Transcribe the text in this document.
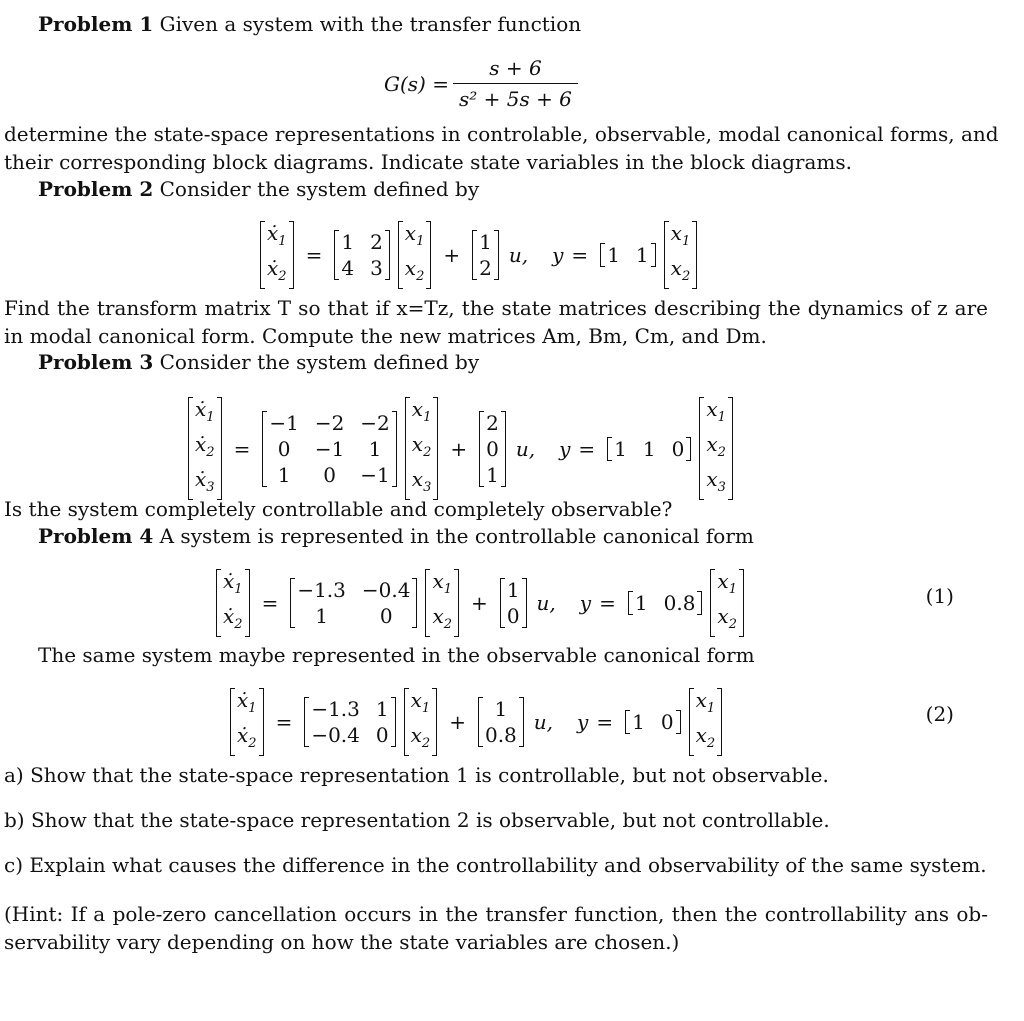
Problem 1 Given a system with the transfer function
$G(s) = \frac{s + 6}{\text{s² + 5s + 6}}$
determine the state-space representations in controlable, observable, modal canonical forms, and
their corresponding block diagrams. Indicate state variables in the block diagrams.
Problem 2 Consider the system defined by
ẋ$_1$
ẋ$_2$
=
1 2
4 3
$x_1$
$x_2$
+
1
2
u, y = 1 1
$x_1$
$x_2$
Find the transform matrix T so that if x=Tz, the state matrices describing the dynamics of z are
in modal canonical form. Compute the new matrices Am, Bm, Cm, and Dm.
Problem 3 Consider the system defined by
ẋ$_1$
ẋ$_2$
ẋ$_3$
=
−1 −2 −2
0	−1	1
1	0	−1
$x_1$
$x_2$
$x_3$
+
2
0
1
u, y = 1 1 0
$x_1$
$x_2$
$x_3$
Is the system completely controllable and completely observable?
Problem 4 A system is represented in the controllable canonical form
ẋ$_1$
ẋ$_2$
=
−1.3 −0.4
1	0
$x_1$
$x_2$
+
1
0
u, y = 1 0.8
$x_1$
$x_2$
(1)
The same system maybe represented in the observable canonical form
ẋ$_1$
ẋ$_2$
=
−1.3 1
−0.4 0
$x_1$
$x_2$
+
1
0.8
u, y = 1 0
$x_1$
$x_2$
(2)
a) Show that the state-space representation 1 is controllable, but not observable.
b) Show that the state-space representation 2 is observable, but not controllable.
c) Explain what causes the difference in the controllability and observability of the same system.
(Hint: If a pole-zero cancellation occurs in the transfer function, then the controllability ans ob-
servability vary depending on how the state variables are chosen.)
